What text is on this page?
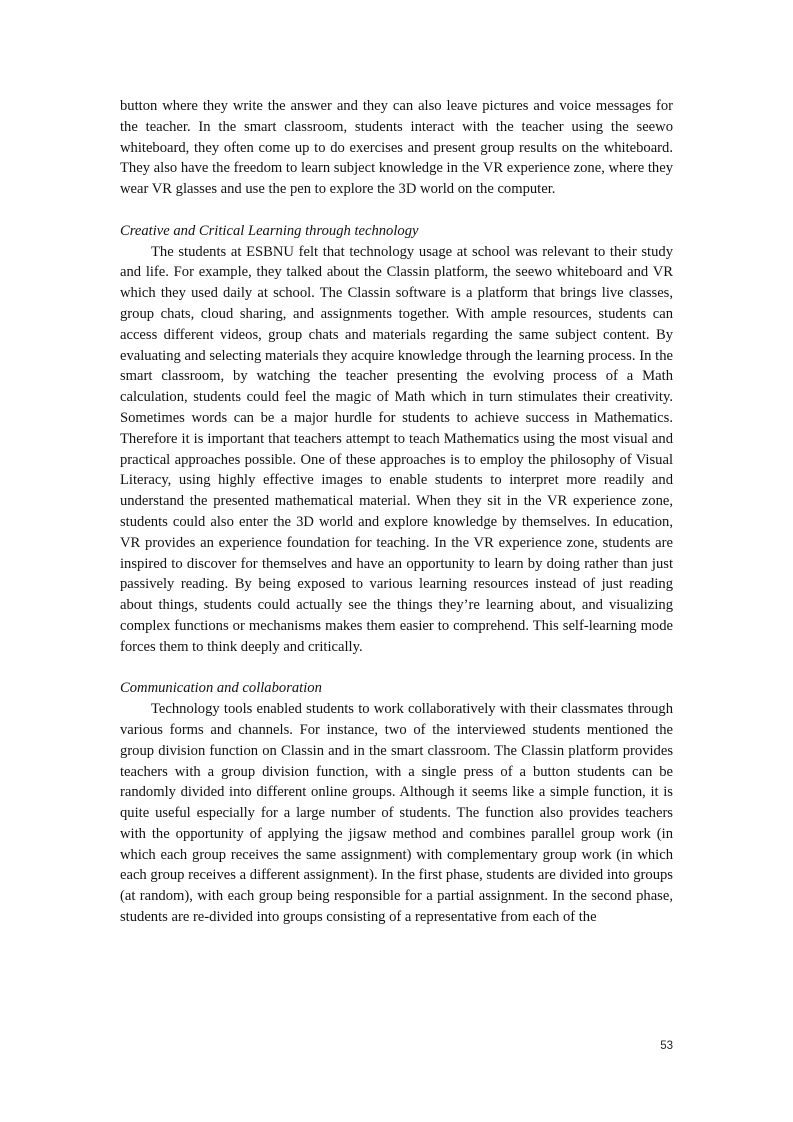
button where they write the answer and they can also leave pictures and voice messages for the teacher. In the smart classroom, students interact with the teacher using the seewo whiteboard, they often come up to do exercises and present group results on the whiteboard. They also have the freedom to learn subject knowledge in the VR experience zone, where they wear VR glasses and use the pen to explore the 3D world on the computer.

Creative and Critical Learning through technology

The students at ESBNU felt that technology usage at school was relevant to their study and life. For example, they talked about the Classin platform, the seewo whiteboard and VR which they used daily at school. The Classin software is a platform that brings live classes, group chats, cloud sharing, and assignments together. With ample resources, students can access different videos, group chats and materials regarding the same subject content. By evaluating and selecting materials they acquire knowledge through the learning process. In the smart classroom, by watching the teacher presenting the evolving process of a Math calculation, students could feel the magic of Math which in turn stimulates their creativity. Sometimes words can be a major hurdle for students to achieve success in Mathematics. Therefore it is important that teachers attempt to teach Mathematics using the most visual and practical approaches possible. One of these approaches is to employ the philosophy of Visual Literacy, using highly effective images to enable students to interpret more readily and understand the presented mathematical material. When they sit in the VR experience zone, students could also enter the 3D world and explore knowledge by themselves. In education, VR provides an experience foundation for teaching. In the VR experience zone, students are inspired to discover for themselves and have an opportunity to learn by doing rather than just passively reading. By being exposed to various learning resources instead of just reading about things, students could actually see the things they’re learning about, and visualizing complex functions or mechanisms makes them easier to comprehend. This self-learning mode forces them to think deeply and critically.

Communication and collaboration

Technology tools enabled students to work collaboratively with their classmates through various forms and channels. For instance, two of the interviewed students mentioned the group division function on Classin and in the smart classroom. The Classin platform provides teachers with a group division function, with a single press of a button students can be randomly divided into different online groups. Although it seems like a simple function, it is quite useful especially for a large number of students. The function also provides teachers with the opportunity of applying the jigsaw method and combines parallel group work (in which each group receives the same assignment) with complementary group work (in which each group receives a different assignment). In the first phase, students are divided into groups (at random), with each group being responsible for a partial assignment. In the second phase, students are re-divided into groups consisting of a representative from each of the

53
